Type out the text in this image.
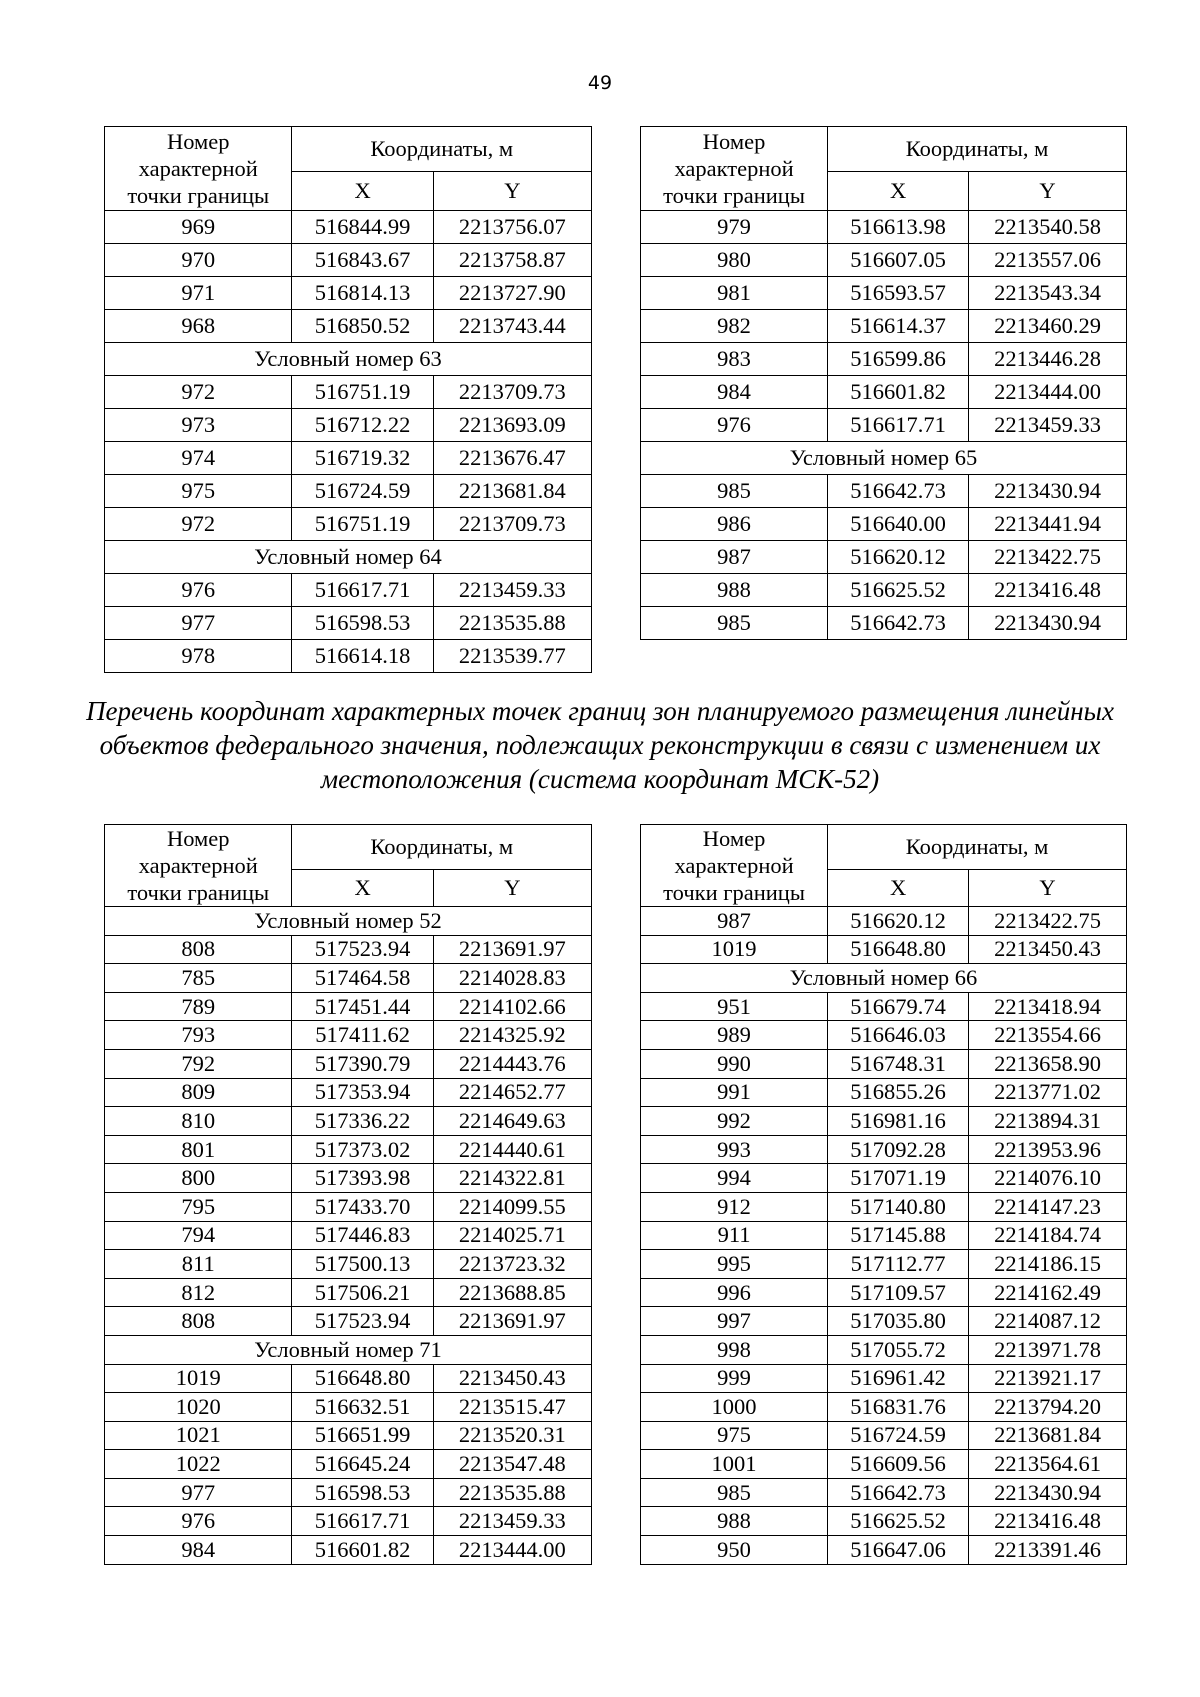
49
Номер
характерной
точки границы	Координаты, м	
	X	Y
969	516844.99	2213756.07
970	516843.67	2213758.87
971	516814.13	2213727.90
968	516850.52	2213743.44
Условный номер 63		
972	516751.19	2213709.73
973	516712.22	2213693.09
974	516719.32	2213676.47
975	516724.59	2213681.84
972	516751.19	2213709.73
Условный номер 64		
976	516617.71	2213459.33
977	516598.53	2213535.88
978	516614.18	2213539.77
Номер
характерной
точки границы	Координаты, м	
	X	Y
979	516613.98	2213540.58
980	516607.05	2213557.06
981	516593.57	2213543.34
982	516614.37	2213460.29
983	516599.86	2213446.28
984	516601.82	2213444.00
976	516617.71	2213459.33
Условный номер 65		
985	516642.73	2213430.94
986	516640.00	2213441.94
987	516620.12	2213422.75
988	516625.52	2213416.48
985	516642.73	2213430.94
Перечень координат характерных точек границ зон планируемого размещения линейных объектов федерального значения, подлежащих реконструкции в связи с изменением их местоположения (система координат МСК-52)
Номер
характерной
точки границы	Координаты, м	
	X	Y
Условный номер 52		
808	517523.94	2213691.97
785	517464.58	2214028.83
789	517451.44	2214102.66
793	517411.62	2214325.92
792	517390.79	2214443.76
809	517353.94	2214652.77
810	517336.22	2214649.63
801	517373.02	2214440.61
800	517393.98	2214322.81
795	517433.70	2214099.55
794	517446.83	2214025.71
811	517500.13	2213723.32
812	517506.21	2213688.85
808	517523.94	2213691.97
Условный номер 71		
1019	516648.80	2213450.43
1020	516632.51	2213515.47
1021	516651.99	2213520.31
1022	516645.24	2213547.48
977	516598.53	2213535.88
976	516617.71	2213459.33
984	516601.82	2213444.00
Номер
характерной
точки границы	Координаты, м	
	X	Y
987	516620.12	2213422.75
1019	516648.80	2213450.43
Условный номер 66		
951	516679.74	2213418.94
989	516646.03	2213554.66
990	516748.31	2213658.90
991	516855.26	2213771.02
992	516981.16	2213894.31
993	517092.28	2213953.96
994	517071.19	2214076.10
912	517140.80	2214147.23
911	517145.88	2214184.74
995	517112.77	2214186.15
996	517109.57	2214162.49
997	517035.80	2214087.12
998	517055.72	2213971.78
999	516961.42	2213921.17
1000	516831.76	2213794.20
975	516724.59	2213681.84
1001	516609.56	2213564.61
985	516642.73	2213430.94
988	516625.52	2213416.48
950	516647.06	2213391.46
